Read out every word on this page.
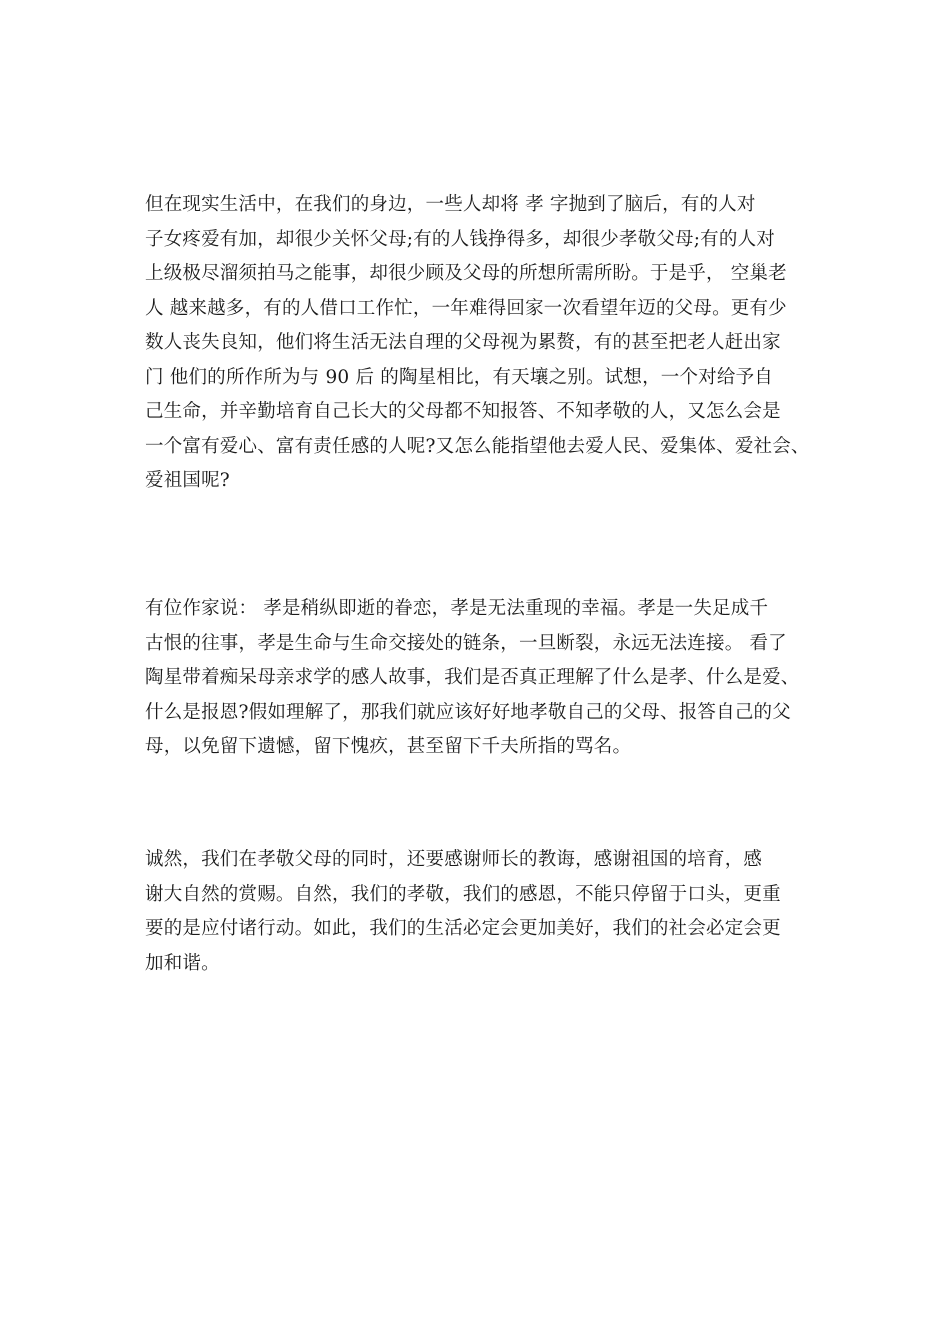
但在现实生活中，在我们的身边，一些人却将 孝 字抛到了脑后，有的人对
子女疼爱有加，却很少关怀父母;有的人钱挣得多，却很少孝敬父母;有的人对
上级极尽溜须拍马之能事，却很少顾及父母的所想所需所盼。于是乎， 空巢老
人 越来越多，有的人借口工作忙，一年难得回家一次看望年迈的父母。更有少
数人丧失良知，他们将生活无法自理的父母视为累赘，有的甚至把老人赶出家
门 他们的所作所为与 90 后 的陶星相比，有天壤之别。试想，一个对给予自
己生命，并辛勤培育自己长大的父母都不知报答、不知孝敬的人，又怎么会是
一个富有爱心、富有责任感的人呢?又怎么能指望他去爱人民、爱集体、爱社会、
爱祖国呢?
有位作家说： 孝是稍纵即逝的眷恋，孝是无法重现的幸福。孝是一失足成千
古恨的往事，孝是生命与生命交接处的链条，一旦断裂，永远无法连接。 看了
陶星带着痴呆母亲求学的感人故事，我们是否真正理解了什么是孝、什么是爱、
什么是报恩?假如理解了，那我们就应该好好地孝敬自己的父母、报答自己的父
母，以免留下遗憾，留下愧疚，甚至留下千夫所指的骂名。
诚然，我们在孝敬父母的同时，还要感谢师长的教诲，感谢祖国的培育，感
谢大自然的赏赐。自然，我们的孝敬，我们的感恩，不能只停留于口头，更重
要的是应付诸行动。如此，我们的生活必定会更加美好，我们的社会必定会更
加和谐。
